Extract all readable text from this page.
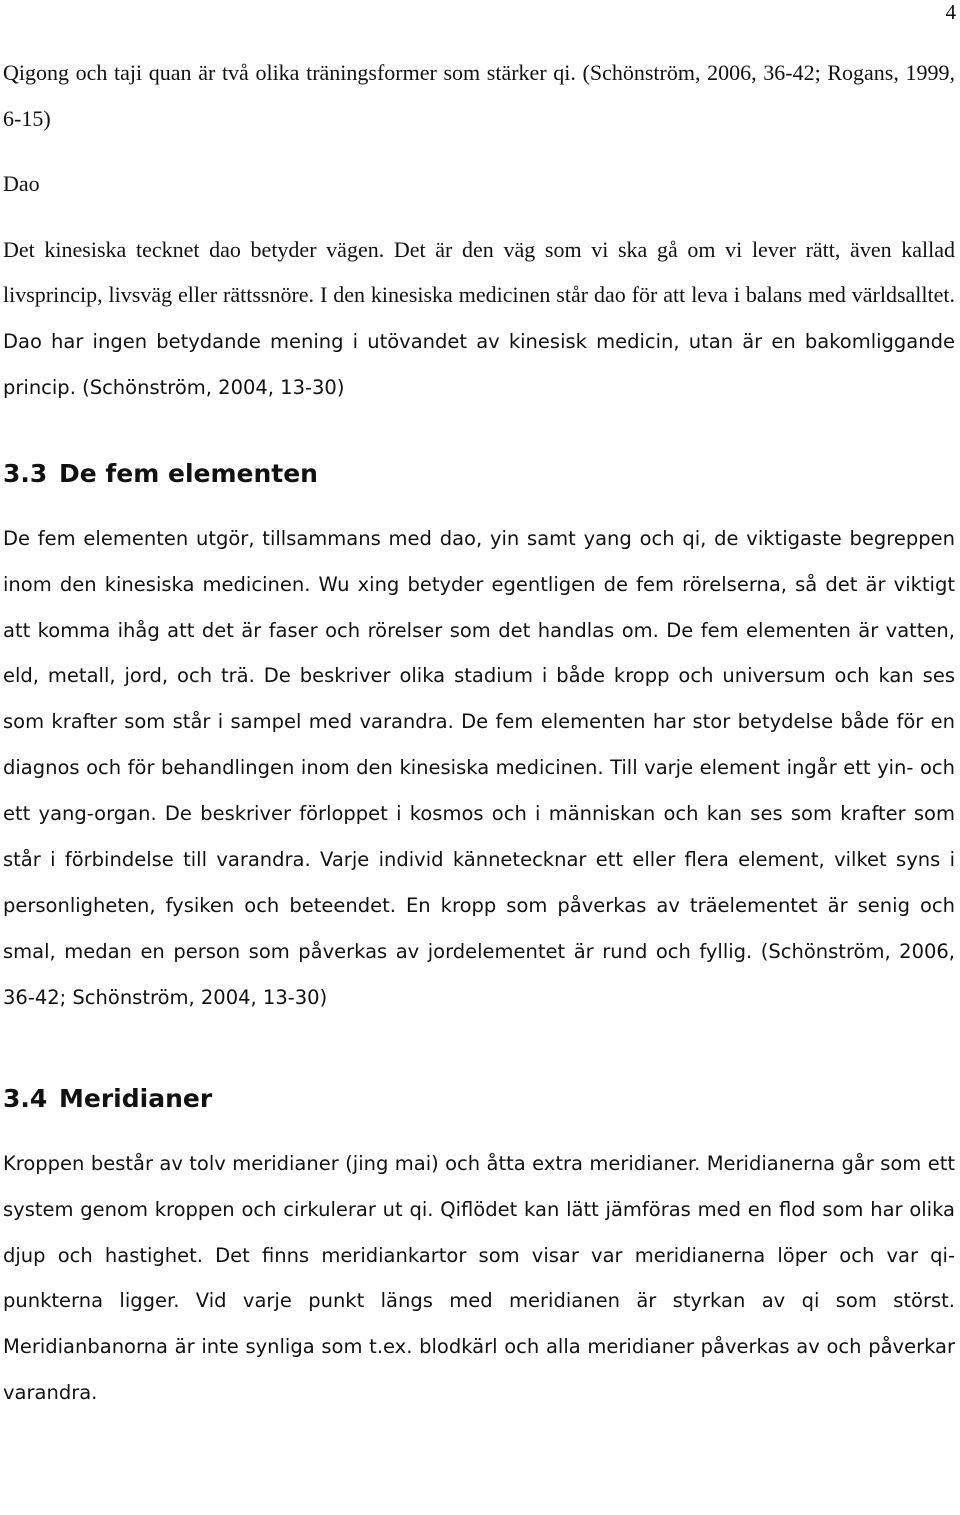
4

Qigong och taji quan är två olika träningsformer som stärker qi. (Schönström, 2006, 36-42; Rogans, 1999, 6-15)

Dao

Det kinesiska tecknet dao betyder vägen. Det är den väg som vi ska gå om vi lever rätt, även kallad livsprincip, livsväg eller rättssnöre. I den kinesiska medicinen står dao för att leva i balans med världsalltet. Dao har ingen betydande mening i utövandet av kinesisk medicin, utan är en bakomliggande princip. (Schönström, 2004, 13-30)

3.3 De fem elementen

De fem elementen utgör, tillsammans med dao, yin samt yang och qi, de viktigaste begreppen inom den kinesiska medicinen. Wu xing betyder egentligen de fem rörelserna, så det är viktigt att komma ihåg att det är faser och rörelser som det handlas om. De fem elementen är vatten, eld, metall, jord, och trä. De beskriver olika stadium i både kropp och universum och kan ses som krafter som står i sampel med varandra. De fem elementen har stor betydelse både för en diagnos och för behandlingen inom den kinesiska medicinen. Till varje element ingår ett yin- och ett yang-organ. De beskriver förloppet i kosmos och i människan och kan ses som krafter som står i förbindelse till varandra. Varje individ kännetecknar ett eller flera element, vilket syns i personligheten, fysiken och beteendet. En kropp som påverkas av träelementet är senig och smal, medan en person som påverkas av jordelementet är rund och fyllig. (Schönström, 2006, 36-42; Schönström, 2004, 13-30)

3.4 Meridianer

Kroppen består av tolv meridianer (jing mai) och åtta extra meridianer. Meridianerna går som ett system genom kroppen och cirkulerar ut qi. Qiflödet kan lätt jämföras med en flod som har olika djup och hastighet. Det finns meridiankartor som visar var meridianerna löper och var qi-punkterna ligger. Vid varje punkt längs med meridianen är styrkan av qi som störst. Meridianbanorna är inte synliga som t.ex. blodkärl och alla meridianer påverkas av och påverkar varandra.
